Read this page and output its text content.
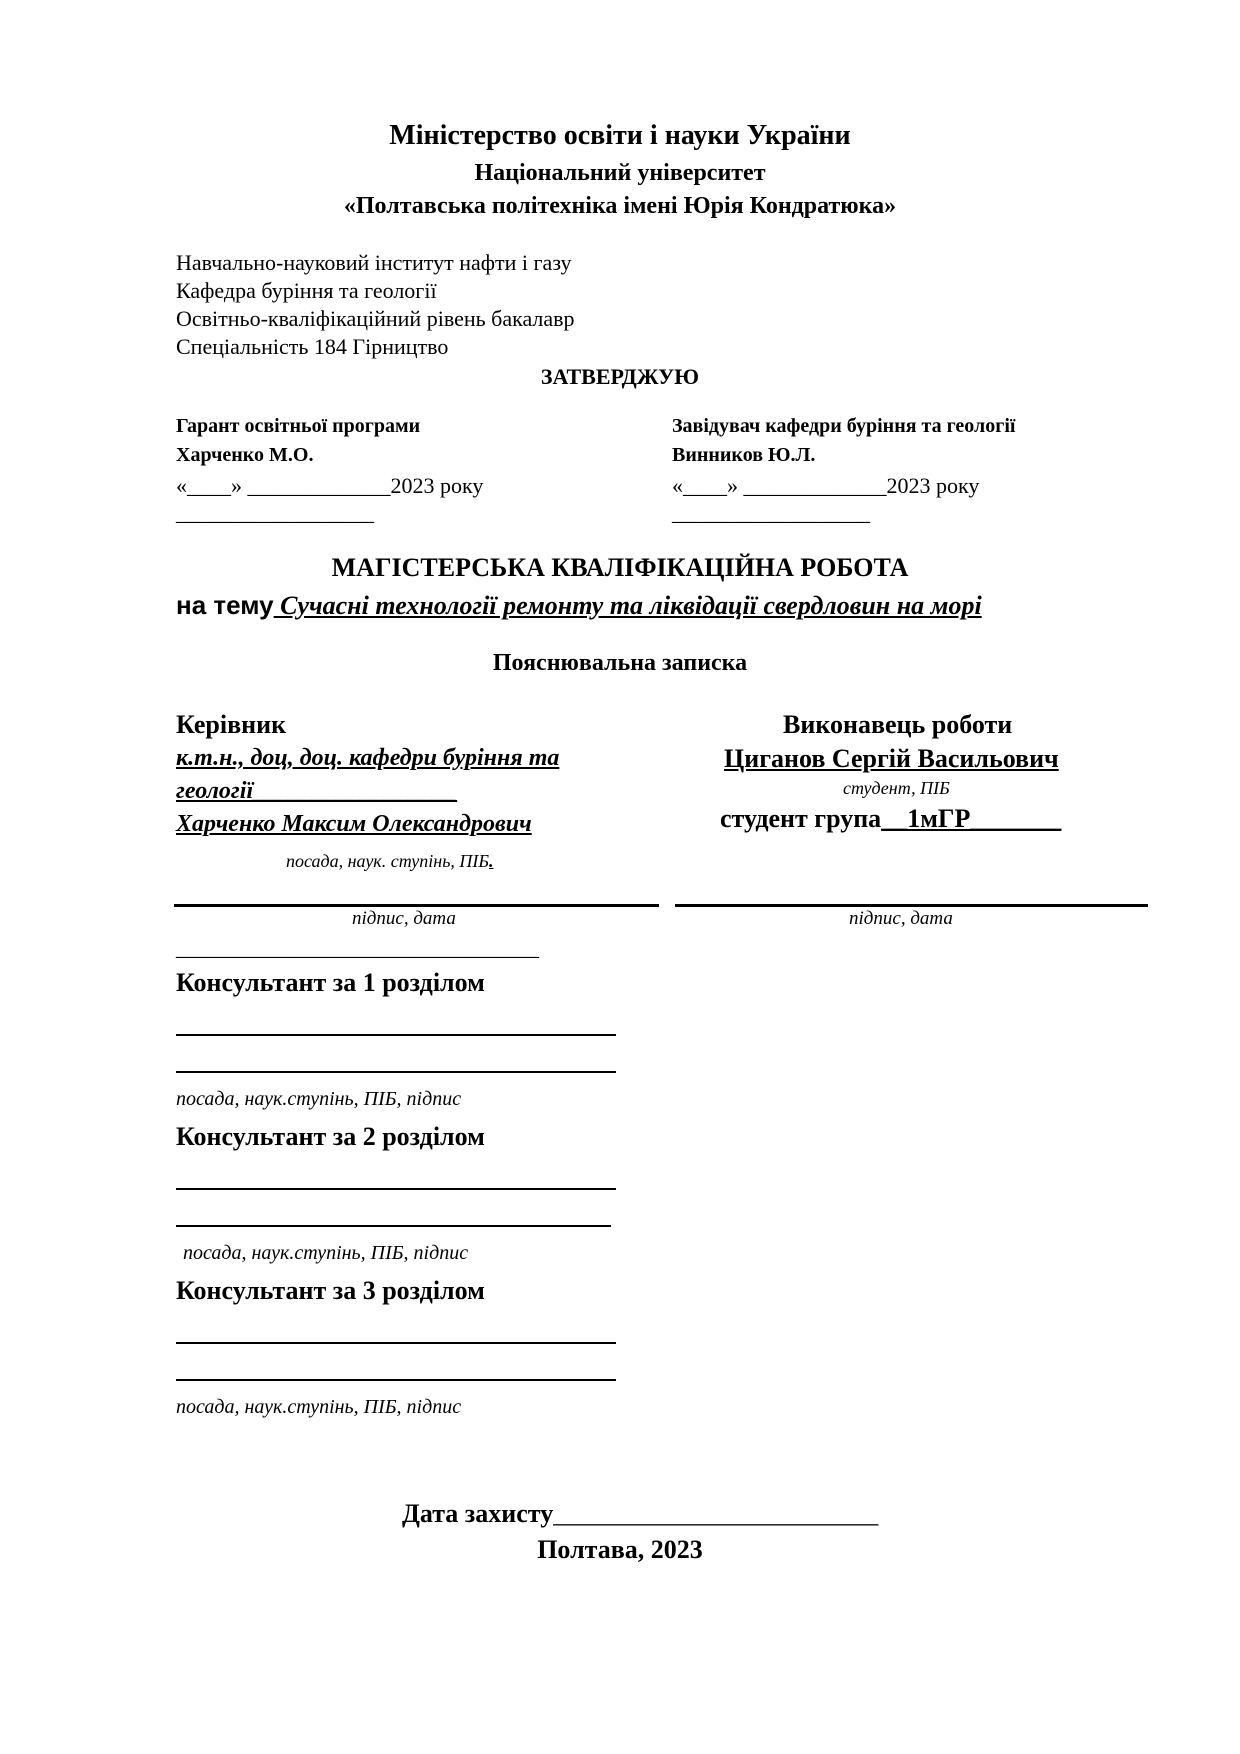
Міністерство освіти і науки України
Національний університет
«Полтавська політехніка імені Юрія Кондратюка»
Навчально-науковий інститут нафти і газу
Кафедра буріння та геології
Освітньо-кваліфікаційний рівень бакалавр
Спеціальність 184 Гірництво
ЗАТВЕРДЖУЮ
Гарант освітньої програми
Харченко М.О.
«____» _____________2023 року
__________________
Завідувач кафедри буріння та геології
Винников Ю.Л.
«____» _____________2023 року
__________________
МАГІСТЕРСЬКА КВАЛІФІКАЦІЙНА РОБОТА
на тему Сучасні технології ремонту та ліквідації свердловин на морі
Пояснювальна записка
Керівник
к.т.н., доц, доц. кафедри буріння та
геології_________________
Харченко Максим Олександрович
посада, наук. ступінь, ПІБ.
підпис, дата
_________________________________
Виконавець роботи
Циганов Сергій Васильович
студент, ПІБ
студент група__1мГР_______
підпис, дата
Консультант за 1 розділом
посада, наук.ступінь, ПІБ, підпис
Консультант за 2 розділом
посада, наук.ступінь, ПІБ, підпис
Консультант за 3 розділом
посада, наук.ступінь, ПІБ, підпис
Дата захисту_________________________
Полтава, 2023
